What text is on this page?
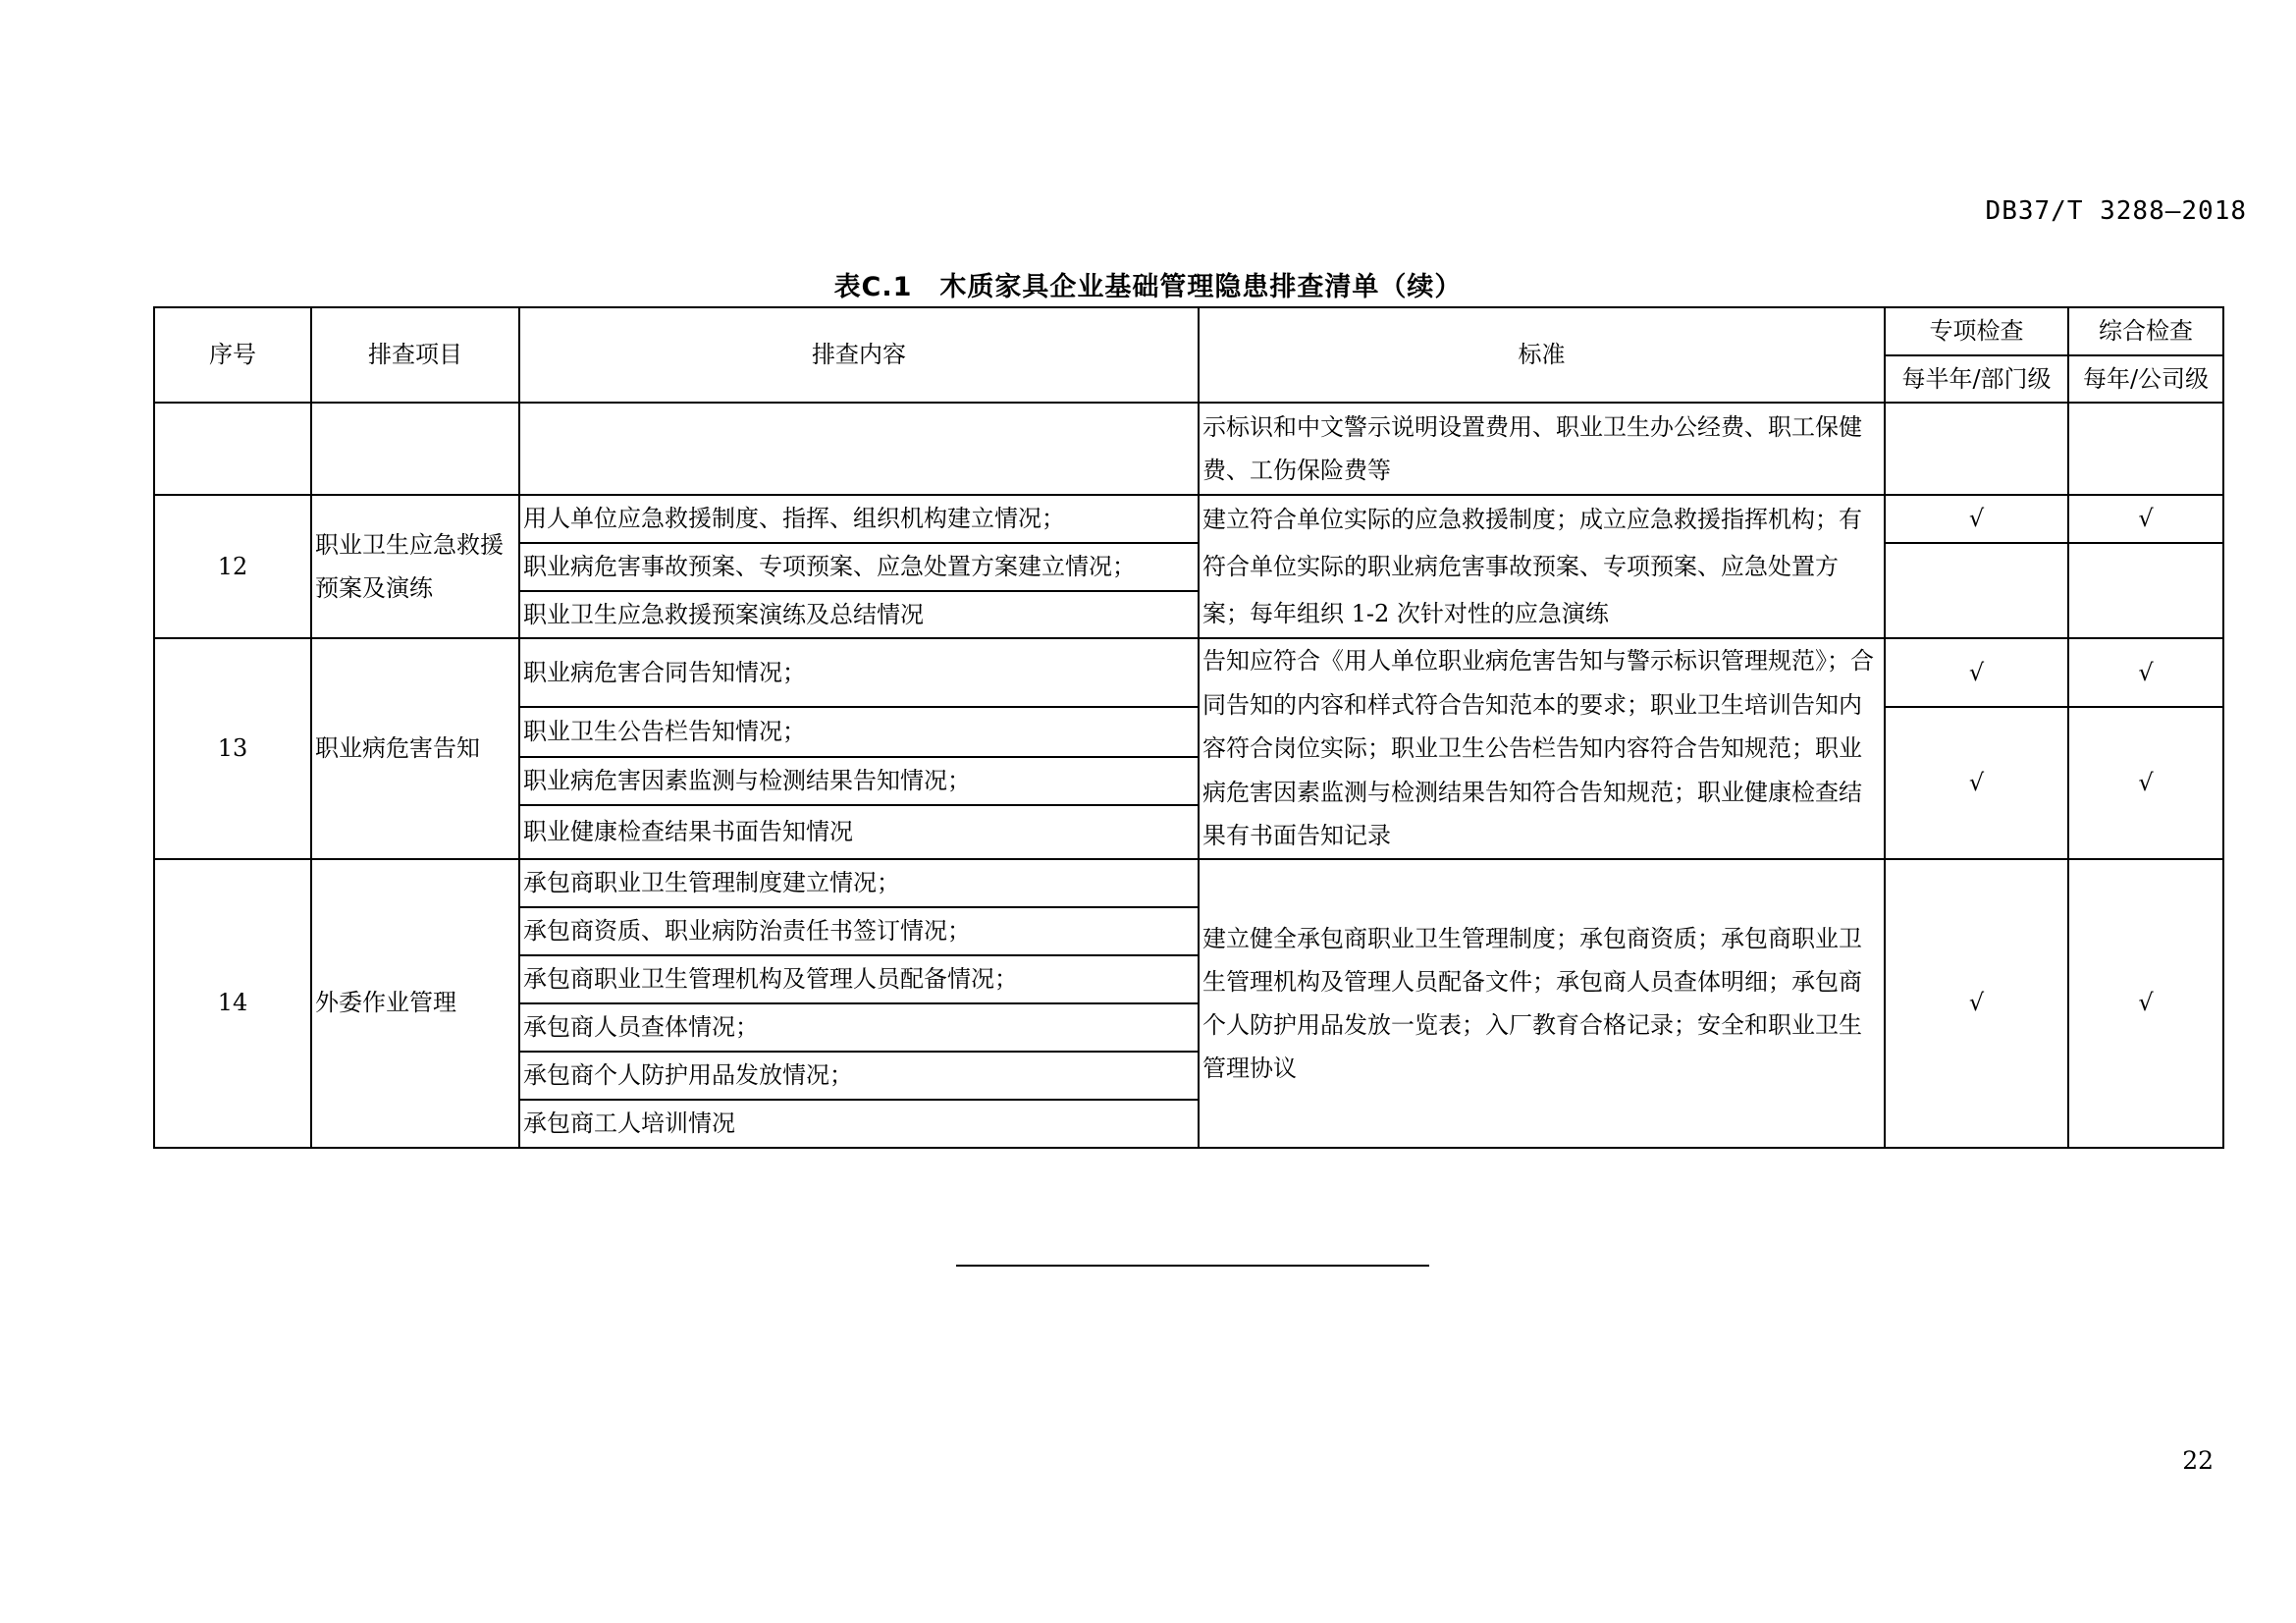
DB37/T 3288—2018
表C.1　木质家具企业基础管理隐患排查清单（续）
序号	排查项目	排查内容	标准	专项检查	综合检查
				每半年/部门级	每年/公司级
			示标识和中文警示说明设置费用、职业卫生办公经费、职工保健费、工伤保险费等		
12	职业卫生应急救援预案及演练	用人单位应急救援制度、指挥、组织机构建立情况；	建立符合单位实际的应急救援制度；成立应急救援指挥机构；有符合单位实际的职业病危害事故预案、专项预案、应急处置方案；每年组织 1-2 次针对性的应急演练	√	√
		职业病危害事故预案、专项预案、应急处置方案建立情况；			
		职业卫生应急救援预案演练及总结情况			
13	职业病危害告知	职业病危害合同告知情况；	告知应符合《用人单位职业病危害告知与警示标识管理规范》；合同告知的内容和样式符合告知范本的要求；职业卫生培训告知内容符合岗位实际；职业卫生公告栏告知内容符合告知规范；职业病危害因素监测与检测结果告知符合告知规范；职业健康检查结果有书面告知记录	√	√
		职业卫生公告栏告知情况；		√	√
		职业病危害因素监测与检测结果告知情况；			
		职业健康检查结果书面告知情况			
14	外委作业管理	承包商职业卫生管理制度建立情况；	建立健全承包商职业卫生管理制度；承包商资质；承包商职业卫生管理机构及管理人员配备文件；承包商人员查体明细；承包商个人防护用品发放一览表；入厂教育合格记录；安全和职业卫生管理协议	√	√
		承包商资质、职业病防治责任书签订情况；			
		承包商职业卫生管理机构及管理人员配备情况；			
		承包商人员查体情况；			
		承包商个人防护用品发放情况；			
		承包商工人培训情况			
22
